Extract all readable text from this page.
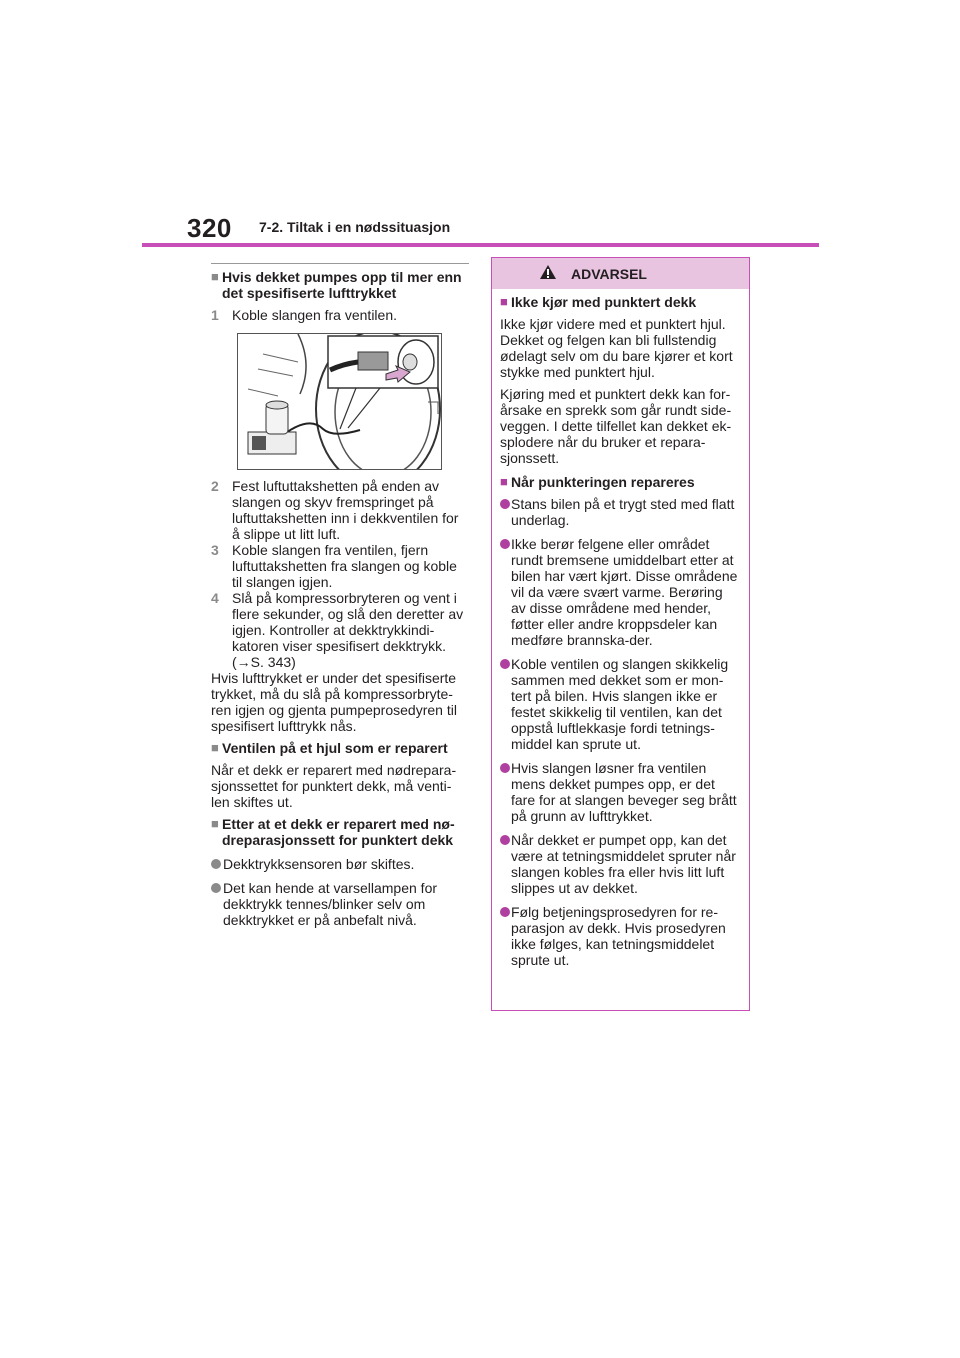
320 7-2. Tiltak i en nødssituasjon
■ Hvis dekket pumpes opp til mer enn det spesifiserte lufttrykket
1 Koble slangen fra ventilen.
2 Fest luftuttakshetten på enden av slangen og skyv fremspringet på luftuttakshetten inn i dekkventilen for å slippe ut litt luft.
3 Koble slangen fra ventilen, fjern luftuttakshetten fra slangen og koble til slangen igjen.
4 Slå på kompressorbryteren og vent i flere sekunder, og slå den deretter av igjen. Kontroller at dekktrykkindi-katoren viser spesifisert dekktrykk. (→S. 343)
Hvis lufttrykket er under det spesifiserte trykket, må du slå på kompressorbryte-ren igjen og gjenta pumpeprosedyren til spesifisert lufttrykk nås.
■ Ventilen på et hjul som er reparert
Når et dekk er reparert med nødrepara-sjonssettet for punktert dekk, må venti-len skiftes ut.
■ Etter at et dekk er reparert med nø-dreparasjonssett for punktert dekk
Dekktrykksensoren bør skiftes.
Det kan hende at varsellampen for dekktrykk tennes/blinker selv om dekktrykket er på anbefalt nivå.
ADVARSEL
■ Ikke kjør med punktert dekk
Ikke kjør videre med et punktert hjul. Dekket og felgen kan bli fullstendig ødelagt selv om du bare kjører et kort stykke med punktert hjul.
Kjøring med et punktert dekk kan for-årsake en sprekk som går rundt side-veggen. I dette tilfellet kan dekket ek-splodere når du bruker et repara-sjonssett.
■ Når punkteringen repareres
Stans bilen på et trygt sted med flatt underlag.
Ikke berør felgene eller området rundt bremsene umiddelbart etter at bilen har vært kjørt. Disse områdene vil da være svært varme. Berøring av disse områdene med hender, føtter eller andre kroppsdeler kan medføre brannska-der.
Koble ventilen og slangen skikkelig sammen med dekket som er mon-tert på bilen. Hvis slangen ikke er festet skikkelig til ventilen, kan det oppstå luftlekkasje fordi tetnings-middel kan sprute ut.
Hvis slangen løsner fra ventilen mens dekket pumpes opp, er det fare for at slangen beveger seg brått på grunn av lufttrykket.
Når dekket er pumpet opp, kan det være at tetningsmiddelet spruter når slangen kobles fra eller hvis litt luft slippes ut av dekket.
Følg betjeningsprosedyren for re-parasjon av dekk. Hvis prosedyren ikke følges, kan tetningsmiddelet sprute ut.
